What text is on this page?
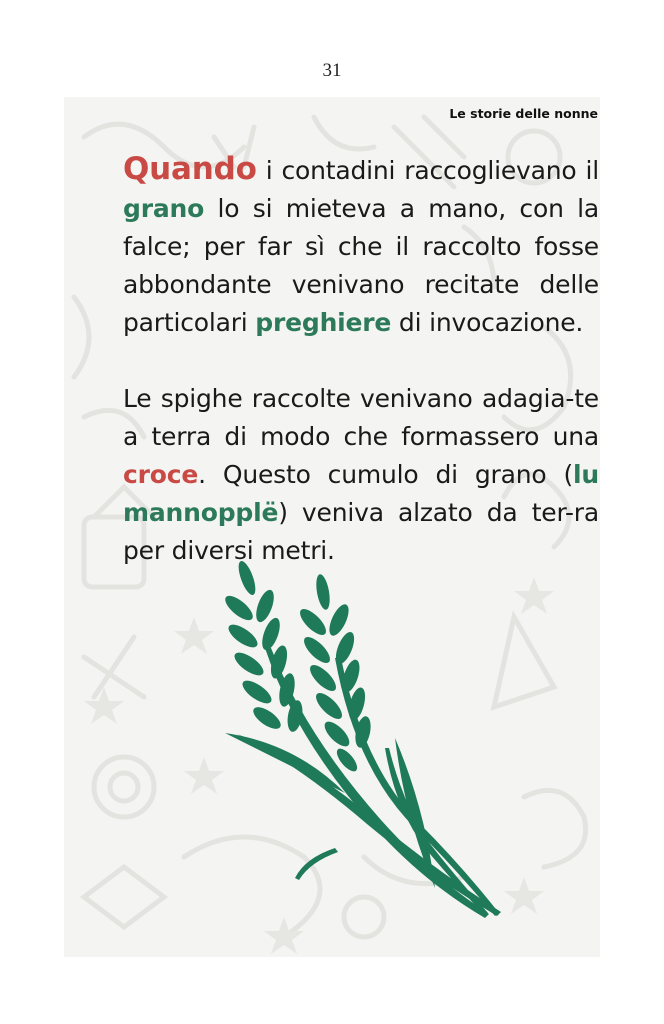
31
Le storie delle nonne

Quando i contadini raccoglievano il grano lo si mieteva a mano, con la falce; per far sì che il raccolto fosse abbondante venivano recitate delle particolari preghiere di invocazione.

Le spighe raccolte venivano adagia-te a terra di modo che formassero una croce. Questo cumulo di grano (lu mannopplë) veniva alzato da ter-ra per diversi metri.
